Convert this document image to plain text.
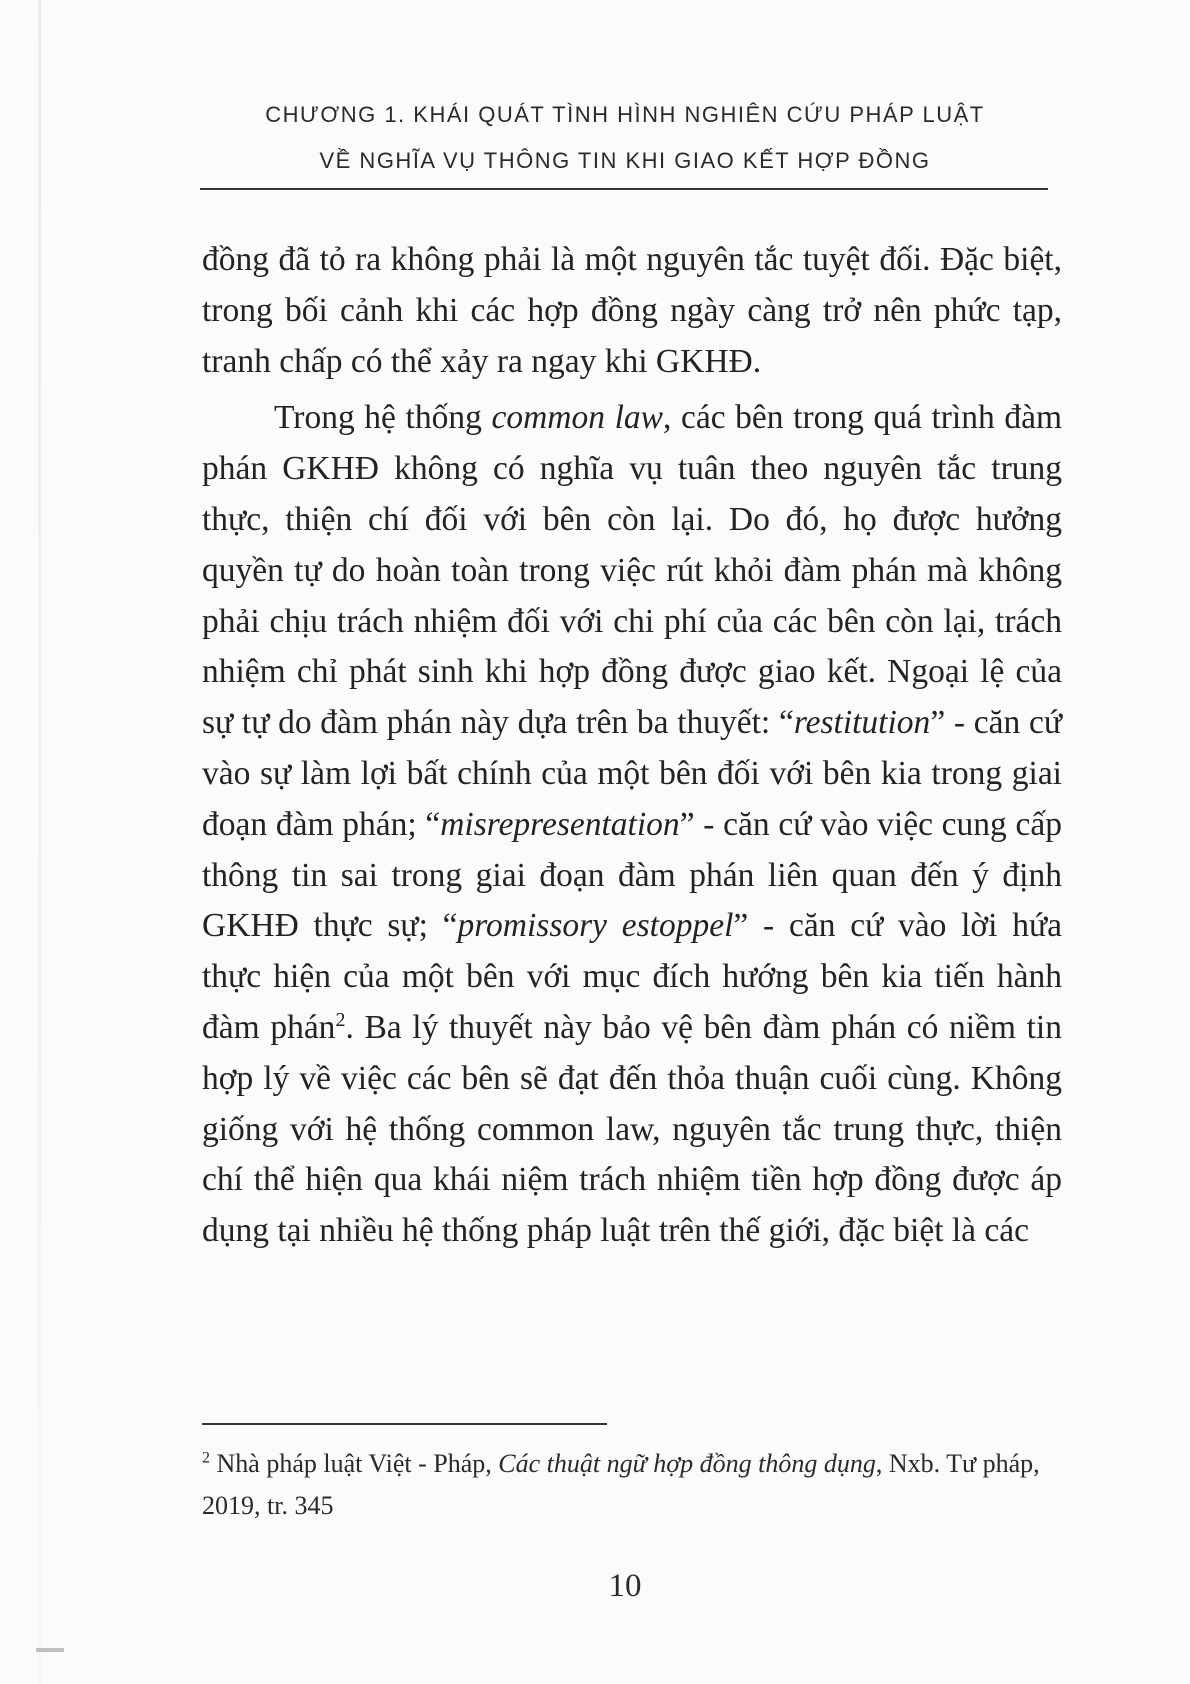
CHƯƠNG 1. KHÁI QUÁT TÌNH HÌNH NGHIÊN CỨU PHÁP LUẬT
VỀ NGHĨA VỤ THÔNG TIN KHI GIAO KẾT HỢP ĐỒNG

đồng đã tỏ ra không phải là một nguyên tắc tuyệt đối. Đặc biệt, trong bối cảnh khi các hợp đồng ngày càng trở nên phức tạp, tranh chấp có thể xảy ra ngay khi GKHĐ.

Trong hệ thống common law, các bên trong quá trình đàm phán GKHĐ không có nghĩa vụ tuân theo nguyên tắc trung thực, thiện chí đối với bên còn lại. Do đó, họ được hưởng quyền tự do hoàn toàn trong việc rút khỏi đàm phán mà không phải chịu trách nhiệm đối với chi phí của các bên còn lại, trách nhiệm chỉ phát sinh khi hợp đồng được giao kết. Ngoại lệ của sự tự do đàm phán này dựa trên ba thuyết: “restitution” - căn cứ vào sự làm lợi bất chính của một bên đối với bên kia trong giai đoạn đàm phán; “misrepresentation” - căn cứ vào việc cung cấp thông tin sai trong giai đoạn đàm phán liên quan đến ý định GKHĐ thực sự; “promissory estoppel” - căn cứ vào lời hứa thực hiện của một bên với mục đích hướng bên kia tiến hành đàm phán$^2$. Ba lý thuyết này bảo vệ bên đàm phán có niềm tin hợp lý về việc các bên sẽ đạt đến thỏa thuận cuối cùng. Không giống với hệ thống common law, nguyên tắc trung thực, thiện chí thể hiện qua khái niệm trách nhiệm tiền hợp đồng được áp dụng tại nhiều hệ thống pháp luật trên thế giới, đặc biệt là các

$^2$ Nhà pháp luật Việt - Pháp, Các thuật ngữ hợp đồng thông dụng, Nxb. Tư pháp, 2019, tr. 345
10
